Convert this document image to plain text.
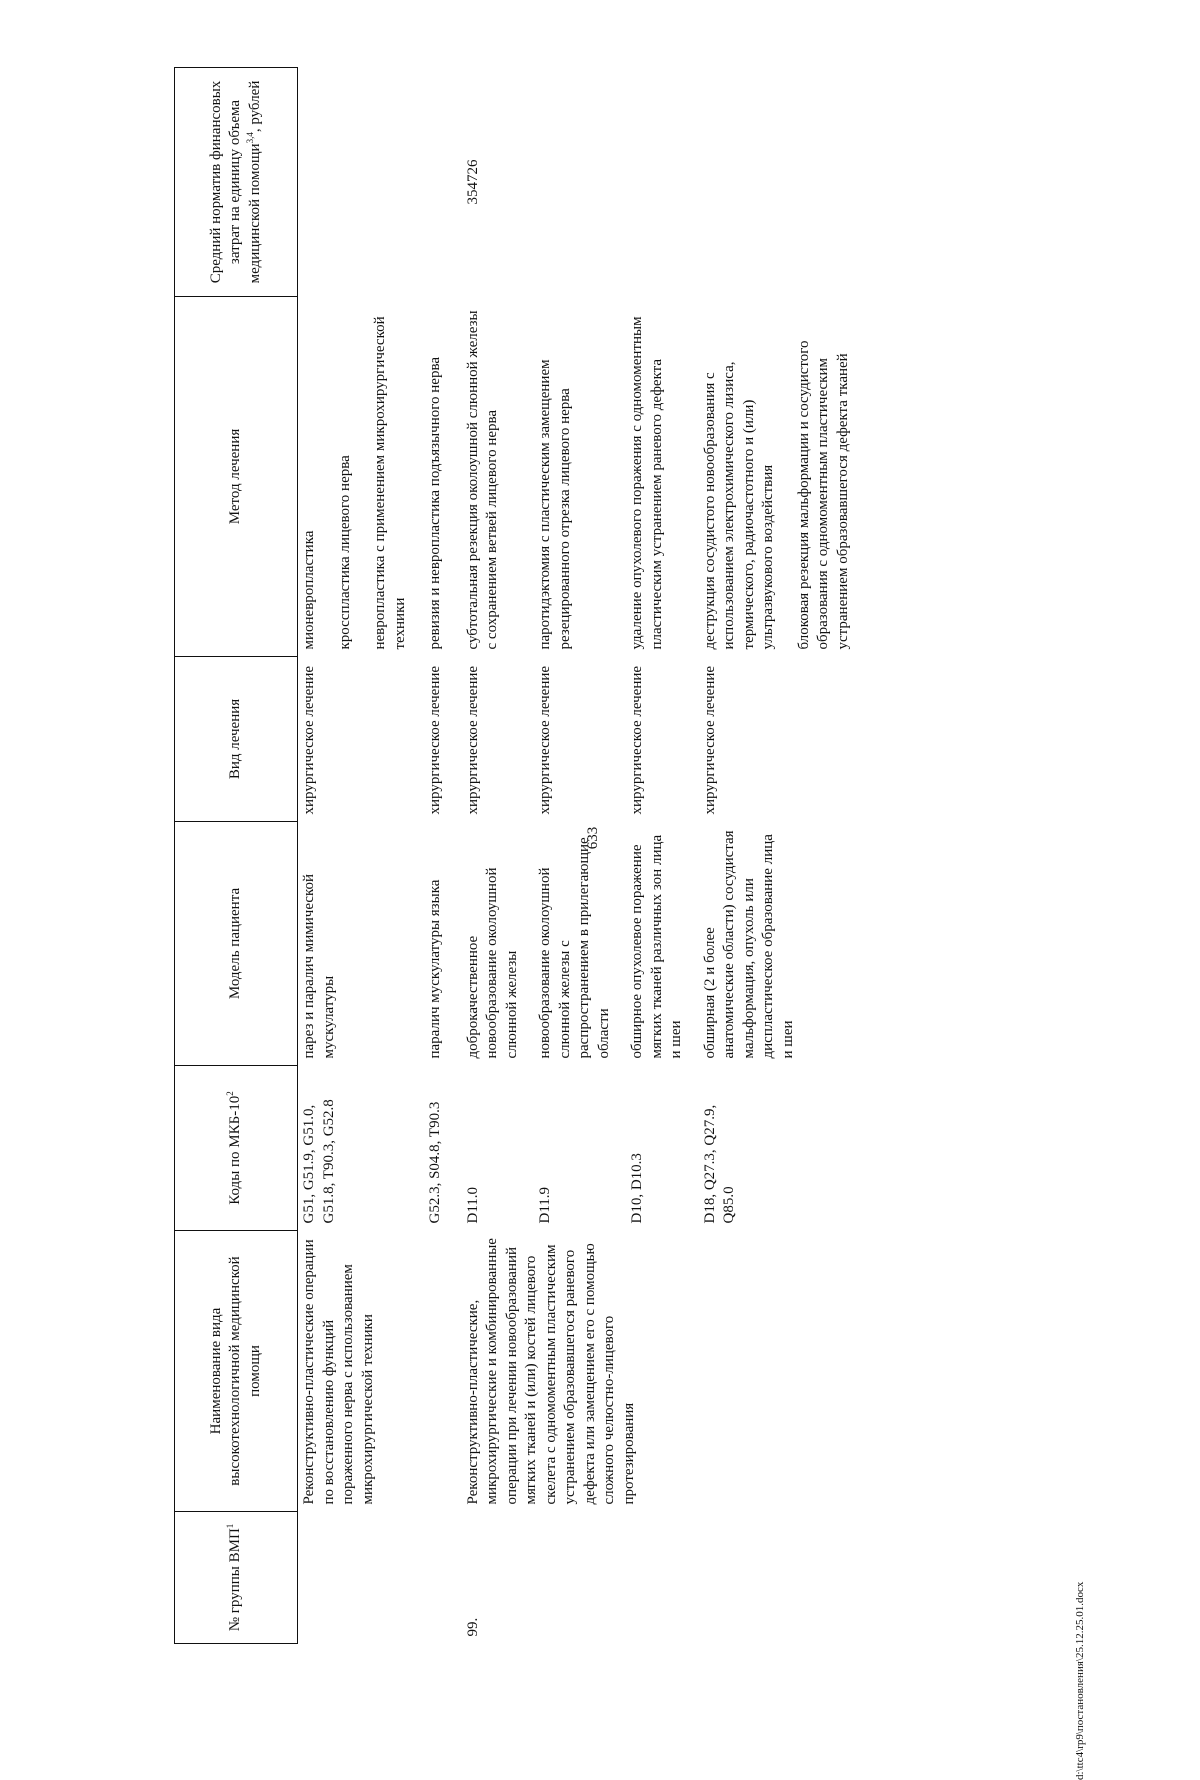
633
№ группы ВМП$^1$	Наименование вида высокотехнологичной медицинской помощи	Коды по МКБ-$10^2$	Модель пациента	Вид лечения	Метод лечения	Средний норматив финансовых затрат на единицу объема медицинской помощи$^{3,4}$, рублей
	Реконструктивно-пластические операции по восстановлению функций пораженного нерва с использованием микрохирургической техники	G51, G51.9, G51.0, G51.8, T90.3, G52.8	парез и паралич мимической мускулатуры	хирургическое лечение	мионевропластика кросспластика лицевого нерва невропластика с применением микрохирургической техники	

		G52.3, S04.8, T90.3	паралич мускулатуры языка	хирургическое лечение	ревизия и невропластика подъязычного нерва	

99.	Реконструктивно-пластические, микрохирургические и комбинированные операции при лечении новообразований мягких тканей и (или) костей лицевого скелета с одномоментным пластическим устранением образовавшегося раневого дефекта или замещением его с помощью сложного челюстно-лицевого протезирования	D11.0	доброкачественное новообразование околоушной слюнной железы	хирургическое лечение	субтотальная резекция околоушной слюнной железы с сохранением ветвей лицевого нерва	354726
		D11.9	новообразование околоушной слюнной железы с распространением в прилегающие области	хирургическое лечение	паротидэктомия с пластическим замещением резецированного отрезка лицевого нерва	
		D10, D10.3	обширное опухолевое поражение мягких тканей различных зон лица и шеи	хирургическое лечение	удаление опухолевого поражения с одномоментным пластическим устранением раневого дефекта	
		D18, Q27.3, Q27.9, Q85.0	обширная (2 и более анатомические области) сосудистая мальформация, опухоль или диспластическое образование лица и шеи	хирургическое лечение	деструкция сосудистого новообразования с использованием электрохимического лизиса, термического, радиочастотного и (или) ультразвукового воздействия блоковая резекция мальформации и сосудистого образования с одномоментным пластическим устранением образовавшегося дефекта тканей	
d:\ttc4\rp9\постановления\25.12.25.01.docx
